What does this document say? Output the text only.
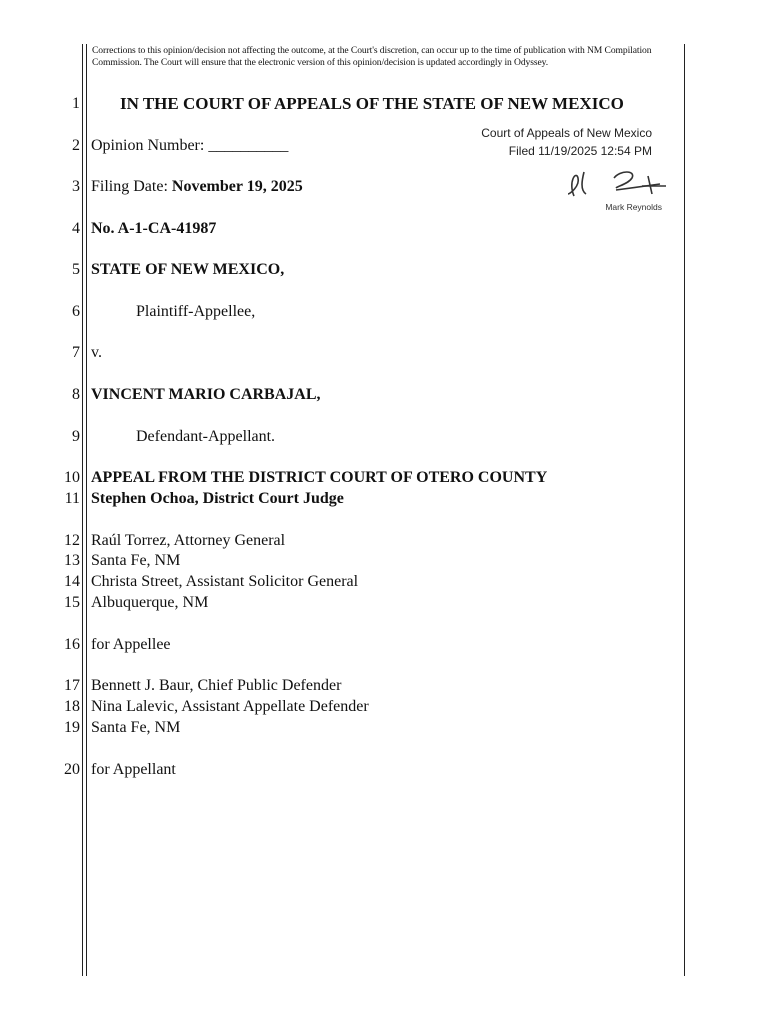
Corrections to this opinion/decision not affecting the outcome, at the Court's discretion, can occur up to the time of publication with NM Compilation Commission. The Court will ensure that the electronic version of this opinion/decision is updated accordingly in Odyssey.
Court of Appeals of New Mexico
Filed 11/19/2025 12:54 PM
Mark Reynolds
1
2
3
4
5
6
7
8
9
10
11
12
13
14
15
16
17
18
19
20
IN THE COURT OF APPEALS OF THE STATE OF NEW MEXICO
Opinion Number: __________
Filing Date: November 19, 2025
No. A-1-CA-41987
STATE OF NEW MEXICO,
Plaintiff-Appellee,
v.
VINCENT MARIO CARBAJAL,
Defendant-Appellant.
APPEAL FROM THE DISTRICT COURT OF OTERO COUNTY
Stephen Ochoa, District Court Judge
Raúl Torrez, Attorney General
Santa Fe, NM
Christa Street, Assistant Solicitor General
Albuquerque, NM
for Appellee
Bennett J. Baur, Chief Public Defender
Nina Lalevic, Assistant Appellate Defender
Santa Fe, NM
for Appellant
